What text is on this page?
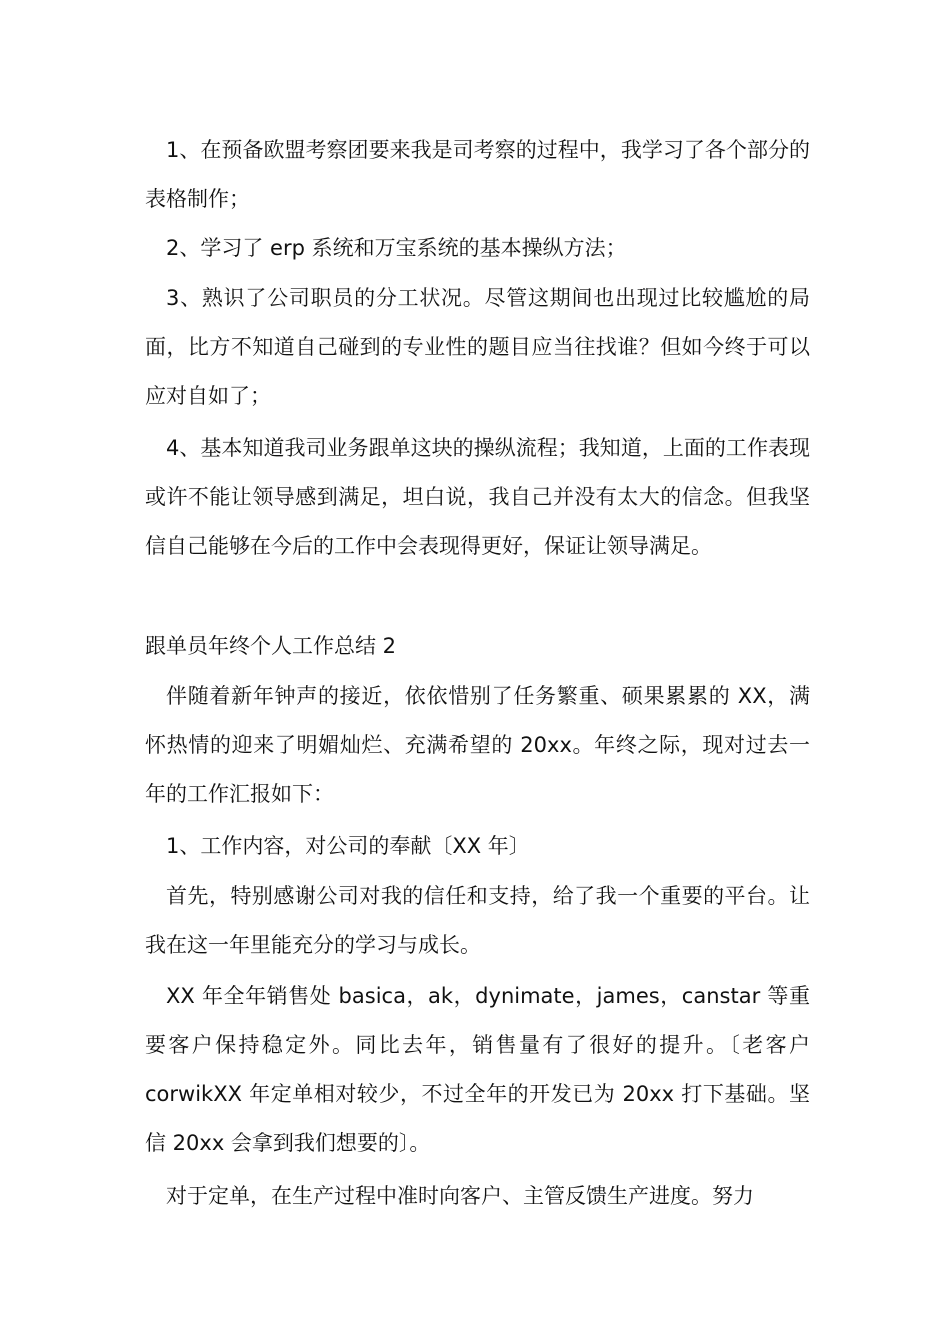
1、在预备欧盟考察团要来我是司考察的过程中，我学习了各个部分的表格制作；
2、学习了 erp 系统和万宝系统的基本操纵方法；
3、熟识了公司职员的分工状况。尽管这期间也出现过比较尴尬的局面，比方不知道自己碰到的专业性的题目应当往找谁？但如今终于可以应对自如了；
4、基本知道我司业务跟单这块的操纵流程；我知道，上面的工作表现或许不能让领导感到满足，坦白说，我自己并没有太大的信念。但我坚信自己能够在今后的工作中会表现得更好，保证让领导满足。
跟单员年终个人工作总结 2
伴随着新年钟声的接近，依依惜别了任务繁重、硕果累累的 XX，满怀热情的迎来了明媚灿烂、充满希望的 20xx。年终之际，现对过去一年的工作汇报如下：
1、工作内容，对公司的奉献〔XX 年〕
首先，特别感谢公司对我的信任和支持，给了我一个重要的平台。让我在这一年里能充分的学习与成长。
XX 年全年销售处 basica，ak，dynimate，james，canstar 等重要客户保持稳定外。同比去年，销售量有了很好的提升。〔老客户 corwikXX 年定单相对较少，不过全年的开发已为 20xx 打下基础。坚信 20xx 会拿到我们想要的〕。
对于定单，在生产过程中准时向客户、主管反馈生产进度。努力
